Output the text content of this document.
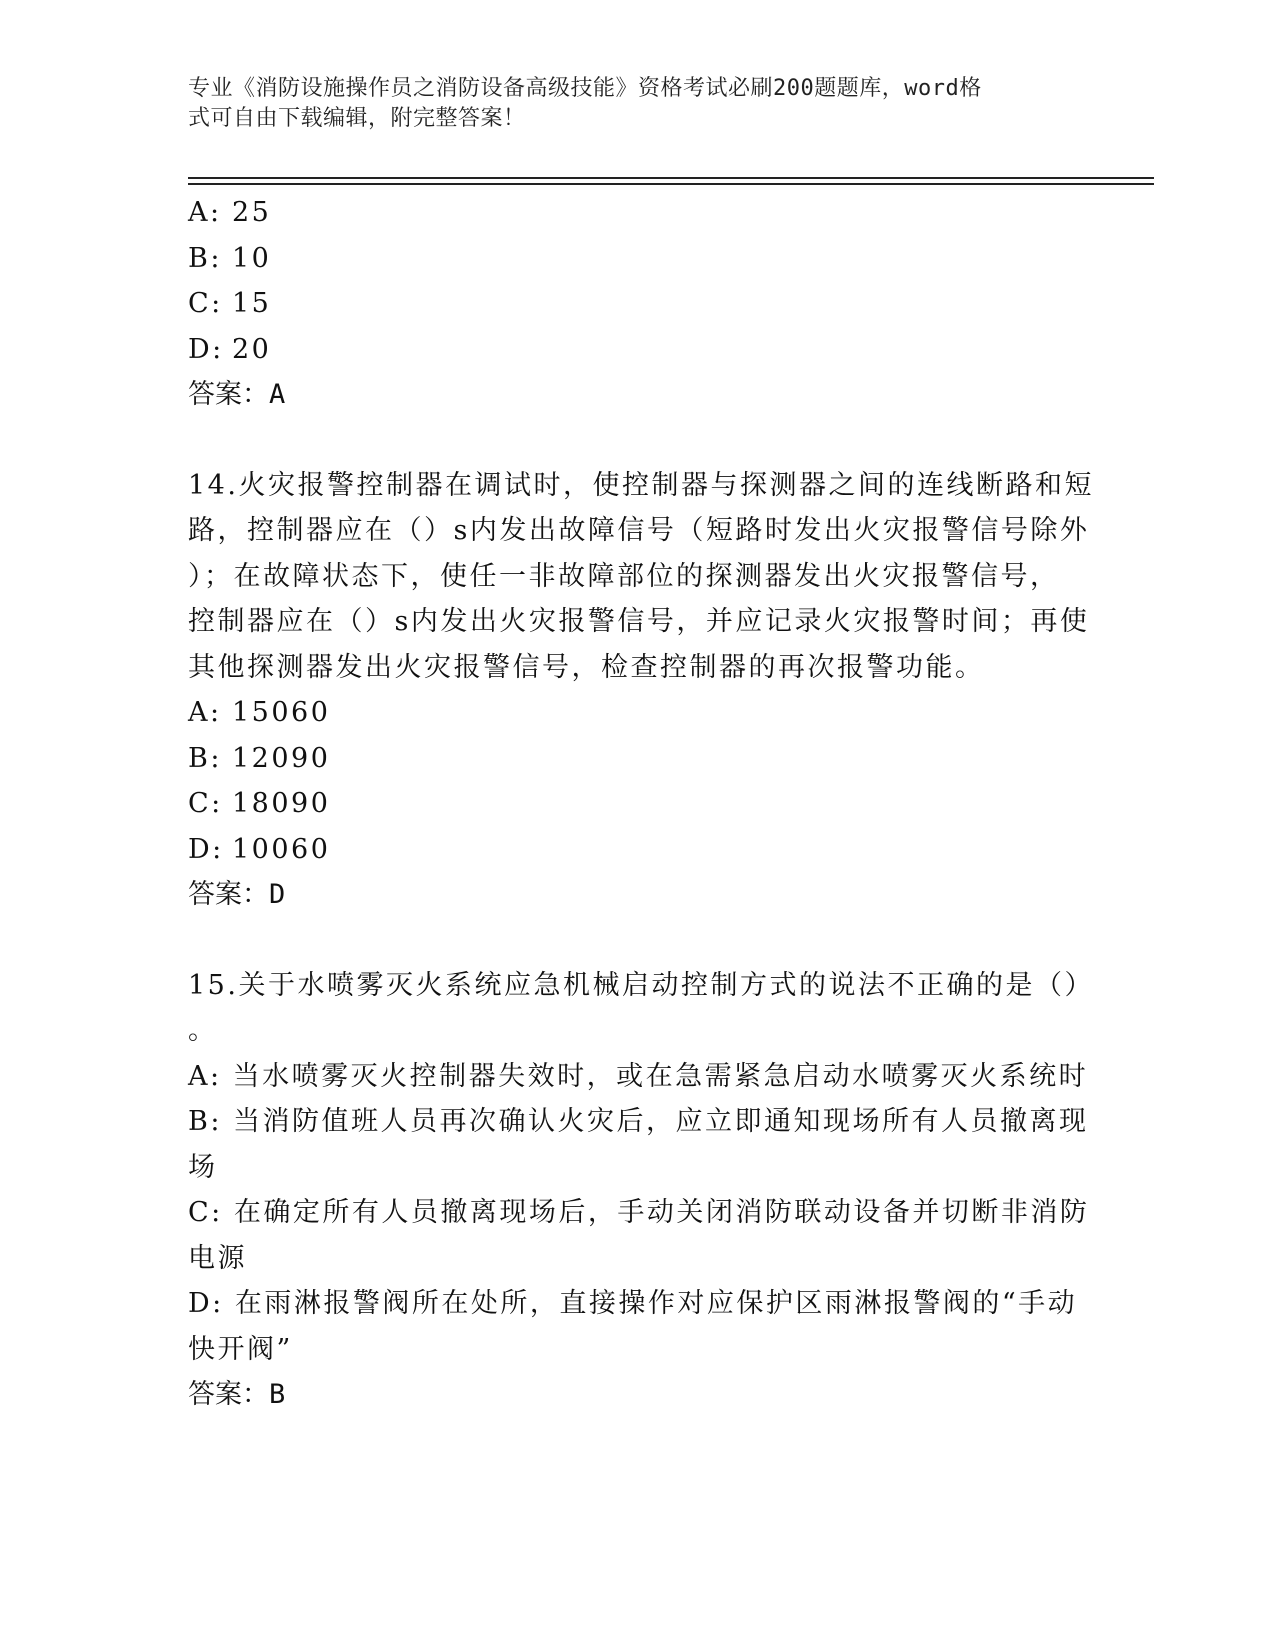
专业《消防设施操作员之消防设备高级技能》资格考试必刷200题题库，word格
式可自由下载编辑，附完整答案！
A: 25
B: 10
C: 15
D: 20
答案：A
14.火灾报警控制器在调试时，使控制器与探测器之间的连线断路和短
路，控制器应在（）s内发出故障信号（短路时发出火灾报警信号除外
）；在故障状态下，使任一非故障部位的探测器发出火灾报警信号，
控制器应在（）s内发出火灾报警信号，并应记录火灾报警时间；再使
其他探测器发出火灾报警信号，检查控制器的再次报警功能。
A: 15060
B: 12090
C: 18090
D: 10060
答案：D
15.关于水喷雾灭火系统应急机械启动控制方式的说法不正确的是（）
。
A: 当水喷雾灭火控制器失效时，或在急需紧急启动水喷雾灭火系统时
B: 当消防值班人员再次确认火灾后，应立即通知现场所有人员撤离现
场
C: 在确定所有人员撤离现场后，手动关闭消防联动设备并切断非消防
电源
D: 在雨淋报警阀所在处所，直接操作对应保护区雨淋报警阀的“手动
快开阀”
答案：B
